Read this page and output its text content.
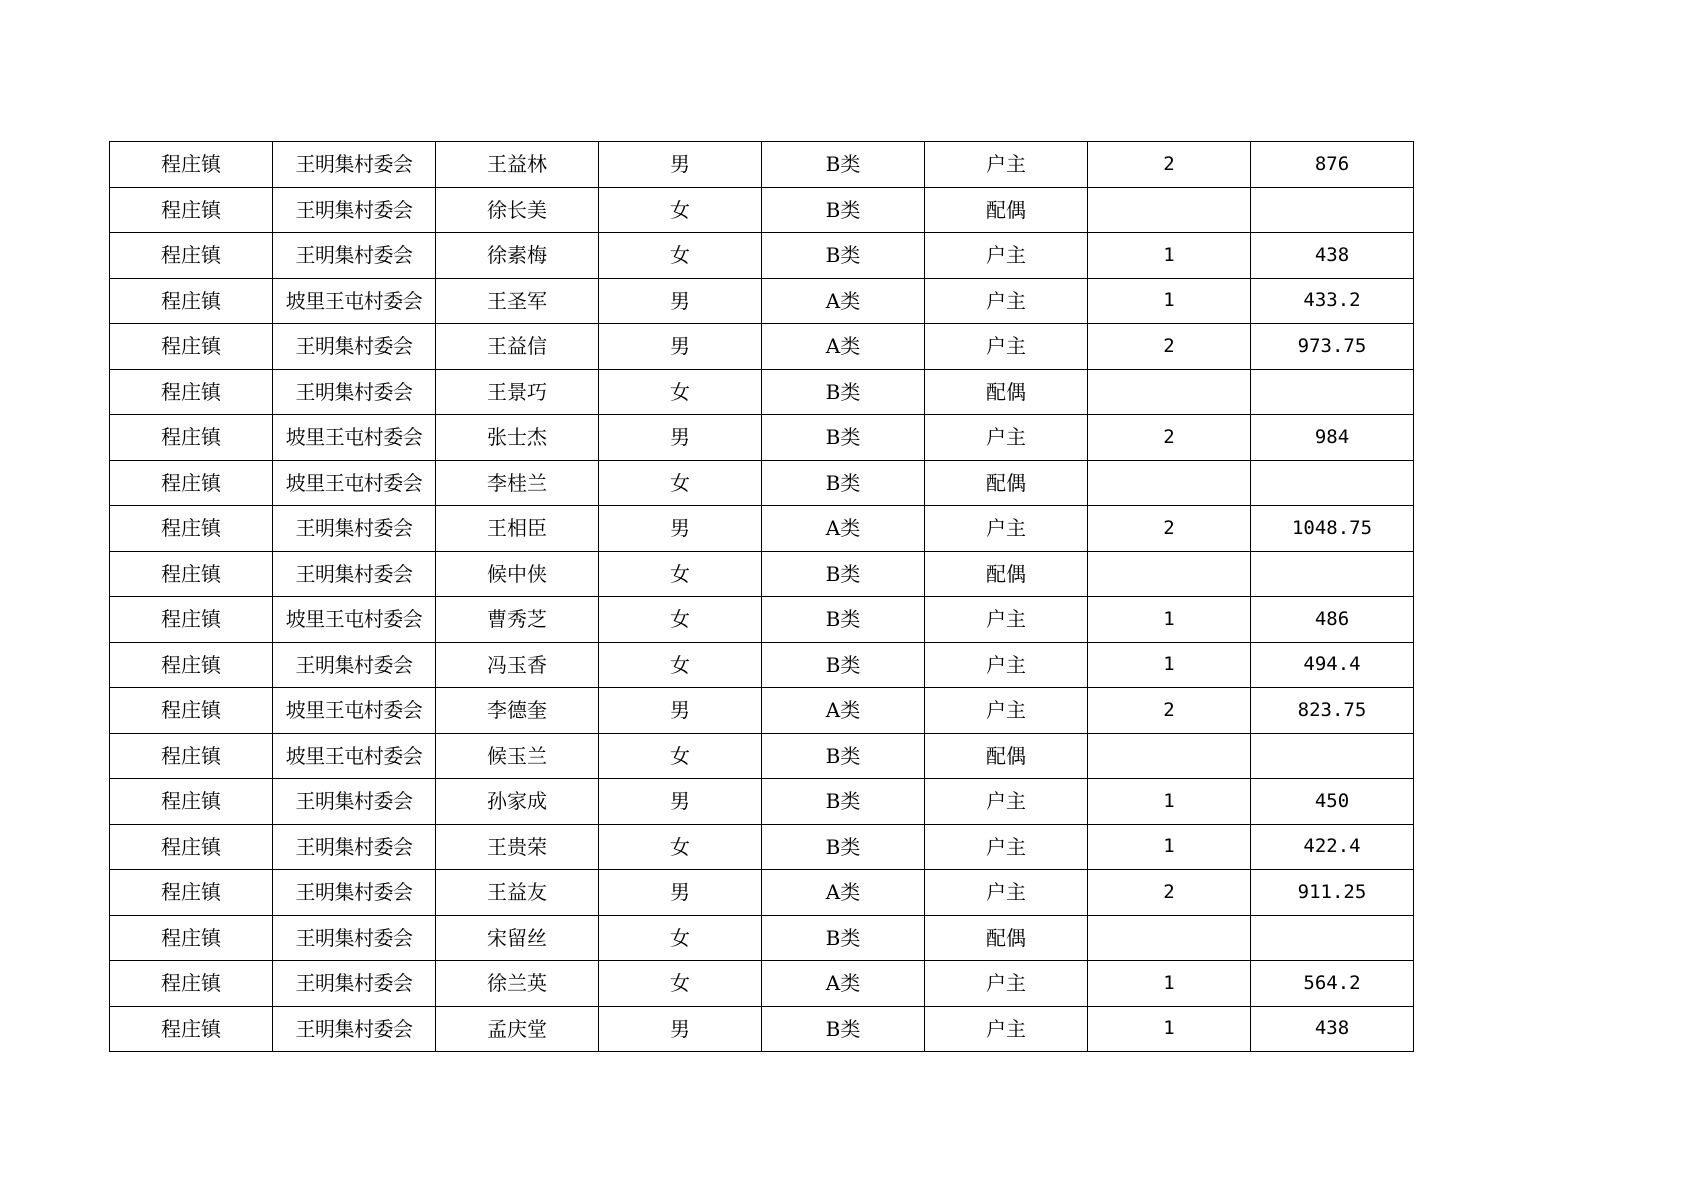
程庄镇	王明集村委会	王益林	男	B类	户主	2	876
程庄镇	王明集村委会	徐长美	女	B类	配偶		
程庄镇	王明集村委会	徐素梅	女	B类	户主	1	438
程庄镇	坡里王屯村委会	王圣军	男	A类	户主	1	433.2
程庄镇	王明集村委会	王益信	男	A类	户主	2	973.75
程庄镇	王明集村委会	王景巧	女	B类	配偶		
程庄镇	坡里王屯村委会	张士杰	男	B类	户主	2	984
程庄镇	坡里王屯村委会	李桂兰	女	B类	配偶		
程庄镇	王明集村委会	王相臣	男	A类	户主	2	1048.75
程庄镇	王明集村委会	候中侠	女	B类	配偶		
程庄镇	坡里王屯村委会	曹秀芝	女	B类	户主	1	486
程庄镇	王明集村委会	冯玉香	女	B类	户主	1	494.4
程庄镇	坡里王屯村委会	李德奎	男	A类	户主	2	823.75
程庄镇	坡里王屯村委会	候玉兰	女	B类	配偶		
程庄镇	王明集村委会	孙家成	男	B类	户主	1	450
程庄镇	王明集村委会	王贵荣	女	B类	户主	1	422.4
程庄镇	王明集村委会	王益友	男	A类	户主	2	911.25
程庄镇	王明集村委会	宋留丝	女	B类	配偶		
程庄镇	王明集村委会	徐兰英	女	A类	户主	1	564.2
程庄镇	王明集村委会	孟庆堂	男	B类	户主	1	438
